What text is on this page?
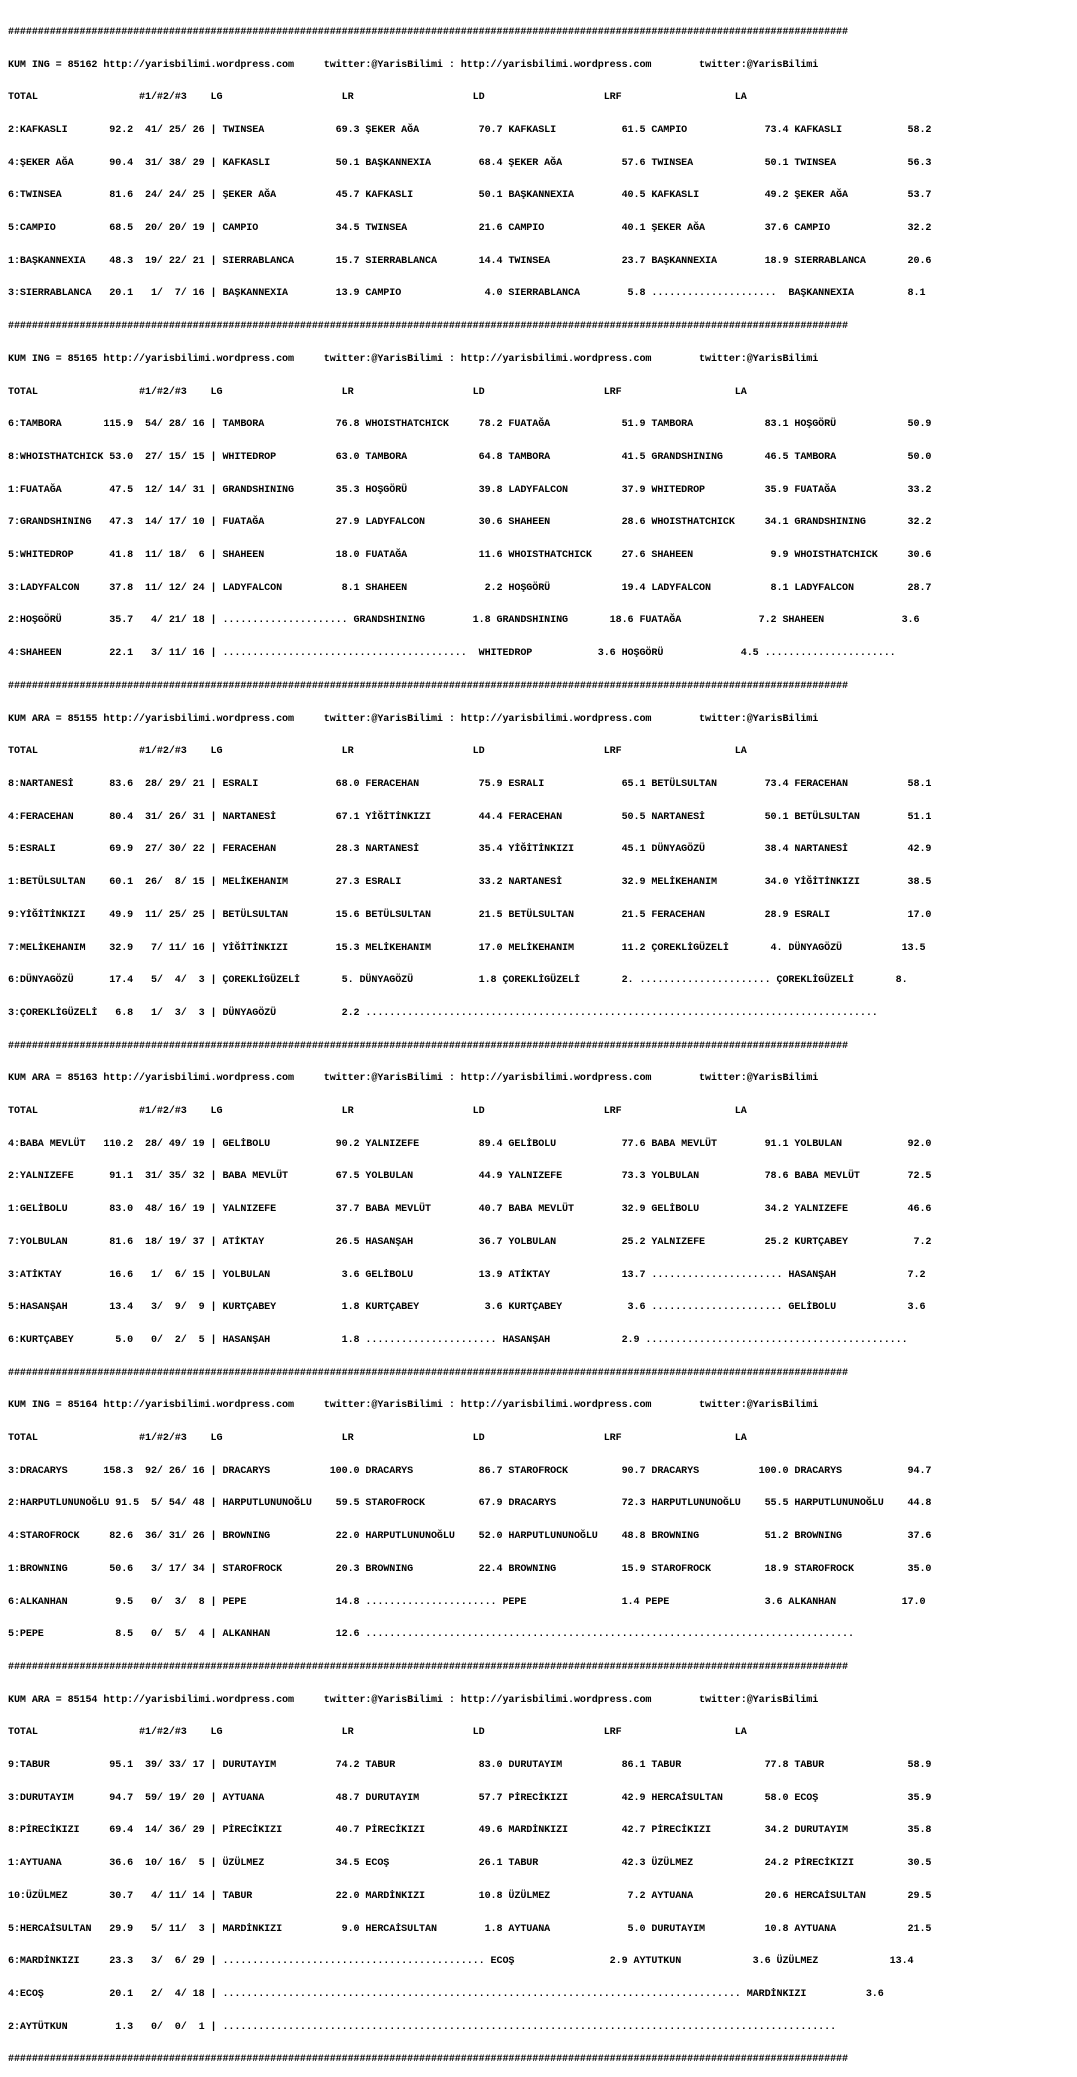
#############################################################################################################################################

KUM ING = 85162 http://yarisbilimi.wordpress.com     twitter:@YarisBilimi : http://yarisbilimi.wordpress.com        twitter:@YarisBilimi

TOTAL                 #1/#2/#3    LG                    LR                    LD                    LRF                   LA

2:KAFKASLI       92.2  41/ 25/ 26 | TWINSEA            69.3 ŞEKER AĞA          70.7 KAFKASLI           61.5 CAMPIO             73.4 KAFKASLI           58.2

4:ŞEKER AĞA      90.4  31/ 38/ 29 | KAFKASLI           50.1 BAŞKANNEXIA        68.4 ŞEKER AĞA          57.6 TWINSEA            50.1 TWINSEA            56.3

6:TWINSEA        81.6  24/ 24/ 25 | ŞEKER AĞA          45.7 KAFKASLI           50.1 BAŞKANNEXIA        40.5 KAFKASLI           49.2 ŞEKER AĞA          53.7

5:CAMPIO         68.5  20/ 20/ 19 | CAMPIO             34.5 TWINSEA            21.6 CAMPIO             40.1 ŞEKER AĞA          37.6 CAMPIO             32.2

1:BAŞKANNEXIA    48.3  19/ 22/ 21 | SIERRABLANCA       15.7 SIERRABLANCA       14.4 TWINSEA            23.7 BAŞKANNEXIA        18.9 SIERRABLANCA       20.6

3:SIERRABLANCA   20.1   1/  7/ 16 | BAŞKANNEXIA        13.9 CAMPIO              4.0 SIERRABLANCA        5.8 .....................  BAŞKANNEXIA         8.1

#############################################################################################################################################

KUM ING = 85165 http://yarisbilimi.wordpress.com     twitter:@YarisBilimi : http://yarisbilimi.wordpress.com        twitter:@YarisBilimi

TOTAL                 #1/#2/#3    LG                    LR                    LD                    LRF                   LA

6:TAMBORA       115.9  54/ 28/ 16 | TAMBORA            76.8 WHOISTHATCHICK     78.2 FUATAĞA            51.9 TAMBORA            83.1 HOŞGÖRÜ            50.9

8:WHOISTHATCHICK 53.0  27/ 15/ 15 | WHITEDROP          63.0 TAMBORA            64.8 TAMBORA            41.5 GRANDSHINING       46.5 TAMBORA            50.0

1:FUATAĞA        47.5  12/ 14/ 31 | GRANDSHINING       35.3 HOŞGÖRÜ            39.8 LADYFALCON         37.9 WHITEDROP          35.9 FUATAĞA            33.2

7:GRANDSHINING   47.3  14/ 17/ 10 | FUATAĞA            27.9 LADYFALCON         30.6 SHAHEEN            28.6 WHOISTHATCHICK     34.1 GRANDSHINING       32.2

5:WHITEDROP      41.8  11/ 18/  6 | SHAHEEN            18.0 FUATAĞA            11.6 WHOISTHATCHICK     27.6 SHAHEEN             9.9 WHOISTHATCHICK     30.6

3:LADYFALCON     37.8  11/ 12/ 24 | LADYFALCON          8.1 SHAHEEN             2.2 HOŞGÖRÜ            19.4 LADYFALCON          8.1 LADYFALCON         28.7

2:HOŞGÖRÜ        35.7   4/ 21/ 18 | ..................... GRANDSHINING        1.8 GRANDSHINING       18.6 FUATAĞA             7.2 SHAHEEN             3.6

4:SHAHEEN        22.1   3/ 11/ 16 | .........................................  WHITEDROP           3.6 HOŞGÖRÜ             4.5 ......................

#############################################################################################################################################

KUM ARA = 85155 http://yarisbilimi.wordpress.com     twitter:@YarisBilimi : http://yarisbilimi.wordpress.com        twitter:@YarisBilimi

TOTAL                 #1/#2/#3    LG                    LR                    LD                    LRF                   LA

8:NARTANESİ      83.6  28/ 29/ 21 | ESRALI             68.0 FERACEHAN          75.9 ESRALI             65.1 BETÜLSULTAN        73.4 FERACEHAN          58.1

4:FERACEHAN      80.4  31/ 26/ 31 | NARTANESİ          67.1 YİĞİTİNKIZI        44.4 FERACEHAN          50.5 NARTANESİ          50.1 BETÜLSULTAN        51.1

5:ESRALI         69.9  27/ 30/ 22 | FERACEHAN          28.3 NARTANESİ          35.4 YİĞİTİNKIZI        45.1 DÜNYAGÖZÜ          38.4 NARTANESİ          42.9

1:BETÜLSULTAN    60.1  26/  8/ 15 | MELİKEHANIM        27.3 ESRALI             33.2 NARTANESİ          32.9 MELİKEHANIM        34.0 YİĞİTİNKIZI        38.5

9:YİĞİTİNKIZI    49.9  11/ 25/ 25 | BETÜLSULTAN        15.6 BETÜLSULTAN        21.5 BETÜLSULTAN        21.5 FERACEHAN          28.9 ESRALI             17.0

7:MELİKEHANIM    32.9   7/ 11/ 16 | YİĞİTİNKIZI        15.3 MELİKEHANIM        17.0 MELİKEHANIM        11.2 ÇOREKLİGÜZELİ       4. DÜNYAGÖZÜ          13.5

6:DÜNYAGÖZÜ      17.4   5/  4/  3 | ÇOREKLİGÜZELİ       5. DÜNYAGÖZÜ           1.8 ÇOREKLİGÜZELİ       2. ...................... ÇOREKLİGÜZELİ       8.

3:ÇOREKLİGÜZELİ   6.8   1/  3/  3 | DÜNYAGÖZÜ           2.2 ......................................................................................

#############################################################################################################################################

KUM ARA = 85163 http://yarisbilimi.wordpress.com     twitter:@YarisBilimi : http://yarisbilimi.wordpress.com        twitter:@YarisBilimi

TOTAL                 #1/#2/#3    LG                    LR                    LD                    LRF                   LA

4:BABA MEVLÜT   110.2  28/ 49/ 19 | GELİBOLU           90.2 YALNIZEFE          89.4 GELİBOLU           77.6 BABA MEVLÜT        91.1 YOLBULAN           92.0

2:YALNIZEFE      91.1  31/ 35/ 32 | BABA MEVLÜT        67.5 YOLBULAN           44.9 YALNIZEFE          73.3 YOLBULAN           78.6 BABA MEVLÜT        72.5

1:GELİBOLU       83.0  48/ 16/ 19 | YALNIZEFE          37.7 BABA MEVLÜT        40.7 BABA MEVLÜT        32.9 GELİBOLU           34.2 YALNIZEFE          46.6

7:YOLBULAN       81.6  18/ 19/ 37 | ATİKTAY            26.5 HASANŞAH           36.7 YOLBULAN           25.2 YALNIZEFE          25.2 KURTÇABEY           7.2

3:ATİKTAY        16.6   1/  6/ 15 | YOLBULAN            3.6 GELİBOLU           13.9 ATİKTAY            13.7 ...................... HASANŞAH            7.2

5:HASANŞAH       13.4   3/  9/  9 | KURTÇABEY           1.8 KURTÇABEY           3.6 KURTÇABEY           3.6 ...................... GELİBOLU            3.6

6:KURTÇABEY       5.0   0/  2/  5 | HASANŞAH            1.8 ...................... HASANŞAH            2.9 ............................................

#############################################################################################################################################

KUM ING = 85164 http://yarisbilimi.wordpress.com     twitter:@YarisBilimi : http://yarisbilimi.wordpress.com        twitter:@YarisBilimi

TOTAL                 #1/#2/#3    LG                    LR                    LD                    LRF                   LA

3:DRACARYS      158.3  92/ 26/ 16 | DRACARYS          100.0 DRACARYS           86.7 STAROFROCK         90.7 DRACARYS          100.0 DRACARYS           94.7

2:HARPUTLUNUNOĞLU 91.5  5/ 54/ 48 | HARPUTLUNUNOĞLU    59.5 STAROFROCK         67.9 DRACARYS           72.3 HARPUTLUNUNOĞLU    55.5 HARPUTLUNUNOĞLU    44.8

4:STAROFROCK     82.6  36/ 31/ 26 | BROWNING           22.0 HARPUTLUNUNOĞLU    52.0 HARPUTLUNUNOĞLU    48.8 BROWNING           51.2 BROWNING           37.6

1:BROWNING       50.6   3/ 17/ 34 | STAROFROCK         20.3 BROWNING           22.4 BROWNING           15.9 STAROFROCK         18.9 STAROFROCK         35.0

6:ALKANHAN        9.5   0/  3/  8 | PEPE               14.8 ...................... PEPE                1.4 PEPE                3.6 ALKANHAN           17.0

5:PEPE            8.5   0/  5/  4 | ALKANHAN           12.6 ..................................................................................

#############################################################################################################################################

KUM ARA = 85154 http://yarisbilimi.wordpress.com     twitter:@YarisBilimi : http://yarisbilimi.wordpress.com        twitter:@YarisBilimi

TOTAL                 #1/#2/#3    LG                    LR                    LD                    LRF                   LA

9:TABUR          95.1  39/ 33/ 17 | DURUTAYIM          74.2 TABUR              83.0 DURUTAYIM          86.1 TABUR              77.8 TABUR              58.9

3:DURUTAYIM      94.7  59/ 19/ 20 | AYTUANA            48.7 DURUTAYIM          57.7 PİRECİKIZI         42.9 HERCAİSULTAN       58.0 ECOŞ               35.9

8:PİRECİKIZI     69.4  14/ 36/ 29 | PİRECİKIZI         40.7 PİRECİKIZI         49.6 MARDİNKIZI         42.7 PİRECİKIZI         34.2 DURUTAYIM          35.8

1:AYTUANA        36.6  10/ 16/  5 | ÜZÜLMEZ            34.5 ECOŞ               26.1 TABUR              42.3 ÜZÜLMEZ            24.2 PİRECİKIZI         30.5

10:ÜZÜLMEZ       30.7   4/ 11/ 14 | TABUR              22.0 MARDİNKIZI         10.8 ÜZÜLMEZ             7.2 AYTUANA            20.6 HERCAİSULTAN       29.5

5:HERCAİSULTAN   29.9   5/ 11/  3 | MARDİNKIZI          9.0 HERCAİSULTAN        1.8 AYTUANA             5.0 DURUTAYIM          10.8 AYTUANA            21.5

6:MARDİNKIZI     23.3   3/  6/ 29 | ............................................ ECOŞ                2.9 AYTUTKUN            3.6 ÜZÜLMEZ            13.4

4:ECOŞ           20.1   2/  4/ 18 | ....................................................................................... MARDİNKIZI          3.6

2:AYTÜTKUN        1.3   0/  0/  1 | .......................................................................................................

#############################################################################################################################################
